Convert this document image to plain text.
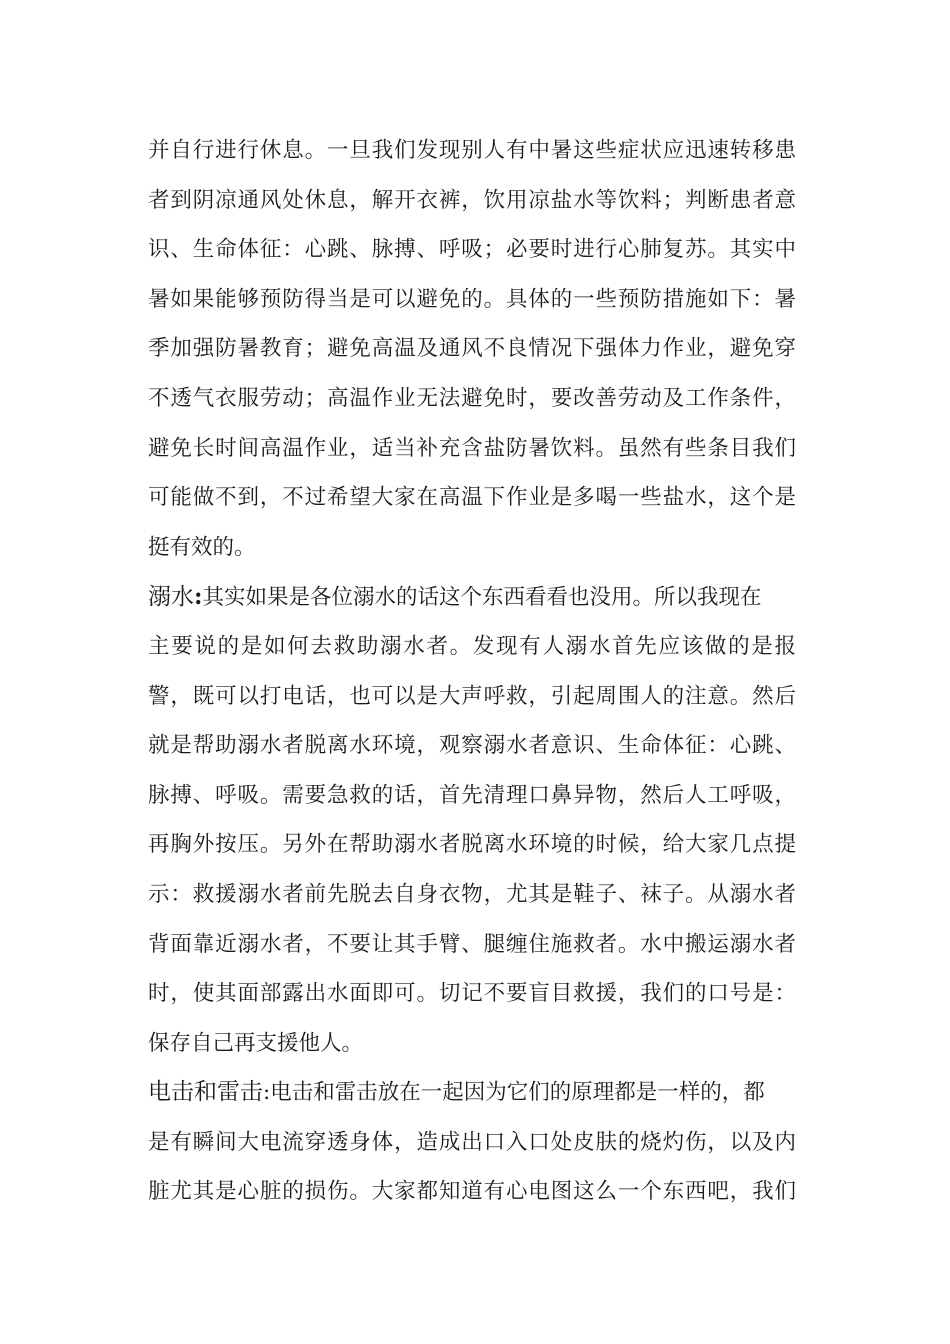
并自行进行休息。一旦我们发现别人有中暑这些症状应迅速转移患
者到阴凉通风处休息，解开衣裤，饮用凉盐水等饮料；判断患者意
识、生命体征：心跳、脉搏、呼吸；必要时进行心肺复苏。其实中
暑如果能够预防得当是可以避免的。具体的一些预防措施如下：暑
季加强防暑教育；避免高温及通风不良情况下强体力作业，避免穿
不透气衣服劳动；高温作业无法避免时，要改善劳动及工作条件，
避免长时间高温作业，适当补充含盐防暑饮料。虽然有些条目我们
可能做不到，不过希望大家在高温下作业是多喝一些盐水，这个是
挺有效的。
溺水:其实如果是各位溺水的话这个东西看看也没用。所以我现在
主要说的是如何去救助溺水者。发现有人溺水首先应该做的是报
警，既可以打电话，也可以是大声呼救，引起周围人的注意。然后
就是帮助溺水者脱离水环境，观察溺水者意识、生命体征：心跳、
脉搏、呼吸。需要急救的话，首先清理口鼻异物，然后人工呼吸，
再胸外按压。另外在帮助溺水者脱离水环境的时候，给大家几点提
示：救援溺水者前先脱去自身衣物，尤其是鞋子、袜子。从溺水者
背面靠近溺水者，不要让其手臂、腿缠住施救者。水中搬运溺水者
时，使其面部露出水面即可。切记不要盲目救援，我们的口号是：
保存自己再支援他人。
电击和雷击:电击和雷击放在一起因为它们的原理都是一样的，都
是有瞬间大电流穿透身体，造成出口入口处皮肤的烧灼伤，以及内
脏尤其是心脏的损伤。大家都知道有心电图这么一个东西吧，我们
